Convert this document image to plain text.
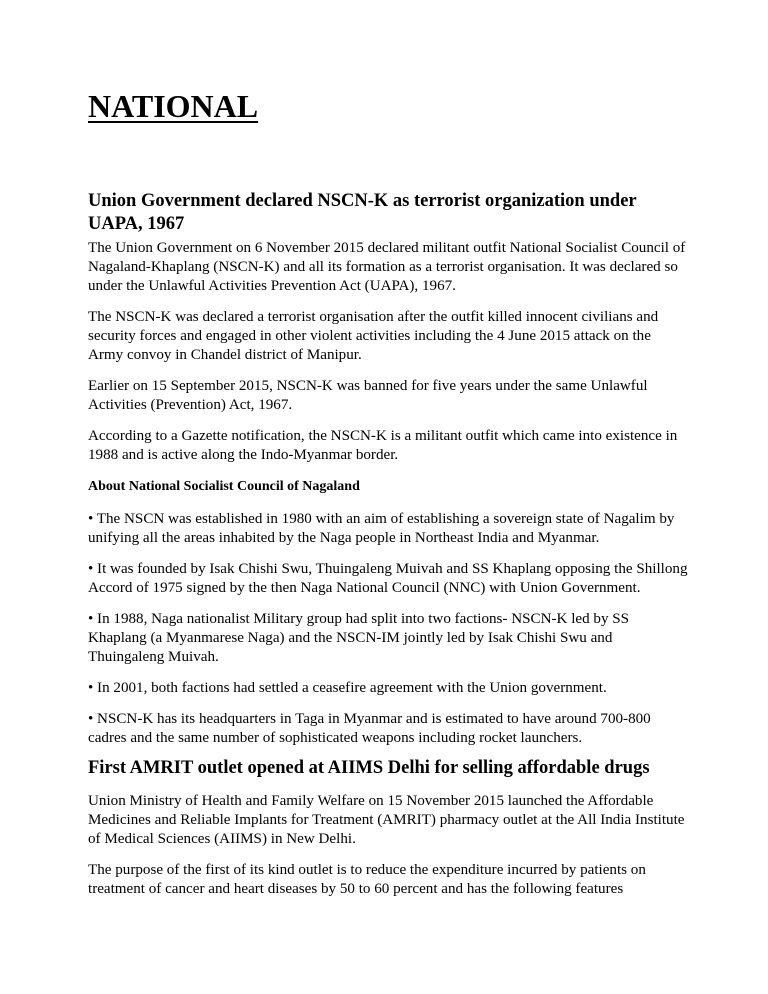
NATIONAL
Union Government declared NSCN-K as terrorist organization under UAPA, 1967

The Union Government on 6 November 2015 declared militant outfit National Socialist Council of Nagaland-Khaplang (NSCN-K) and all its formation as a terrorist organisation. It was declared so under the Unlawful Activities Prevention Act (UAPA), 1967.

The NSCN-K was declared a terrorist organisation after the outfit killed innocent civilians and security forces and engaged in other violent activities including the 4 June 2015 attack on the Army convoy in Chandel district of Manipur.

Earlier on 15 September 2015, NSCN-K was banned for five years under the same Unlawful Activities (Prevention) Act, 1967.

According to a Gazette notification, the NSCN-K is a militant outfit which came into existence in 1988 and is active along the Indo-Myanmar border.

About National Socialist Council of Nagaland

• The NSCN was established in 1980 with an aim of establishing a sovereign state of Nagalim by unifying all the areas inhabited by the Naga people in Northeast India and Myanmar.

• It was founded by Isak Chishi Swu, Thuingaleng Muivah and SS Khaplang opposing the Shillong Accord of 1975 signed by the then Naga National Council (NNC) with Union Government.

• In 1988, Naga nationalist Military group had split into two factions- NSCN-K led by SS Khaplang (a Myanmarese Naga) and the NSCN-IM jointly led by Isak Chishi Swu and Thuingaleng Muivah.

• In 2001, both factions had settled a ceasefire agreement with the Union government.

• NSCN-K has its headquarters in Taga in Myanmar and is estimated to have around 700-800 cadres and the same number of sophisticated weapons including rocket launchers.

First AMRIT outlet opened at AIIMS Delhi for selling affordable drugs

Union Ministry of Health and Family Welfare on 15 November 2015 launched the Affordable Medicines and Reliable Implants for Treatment (AMRIT) pharmacy outlet at the All India Institute of Medical Sciences (AIIMS) in New Delhi.

The purpose of the first of its kind outlet is to reduce the expenditure incurred by patients on treatment of cancer and heart diseases by 50 to 60 percent and has the following features
